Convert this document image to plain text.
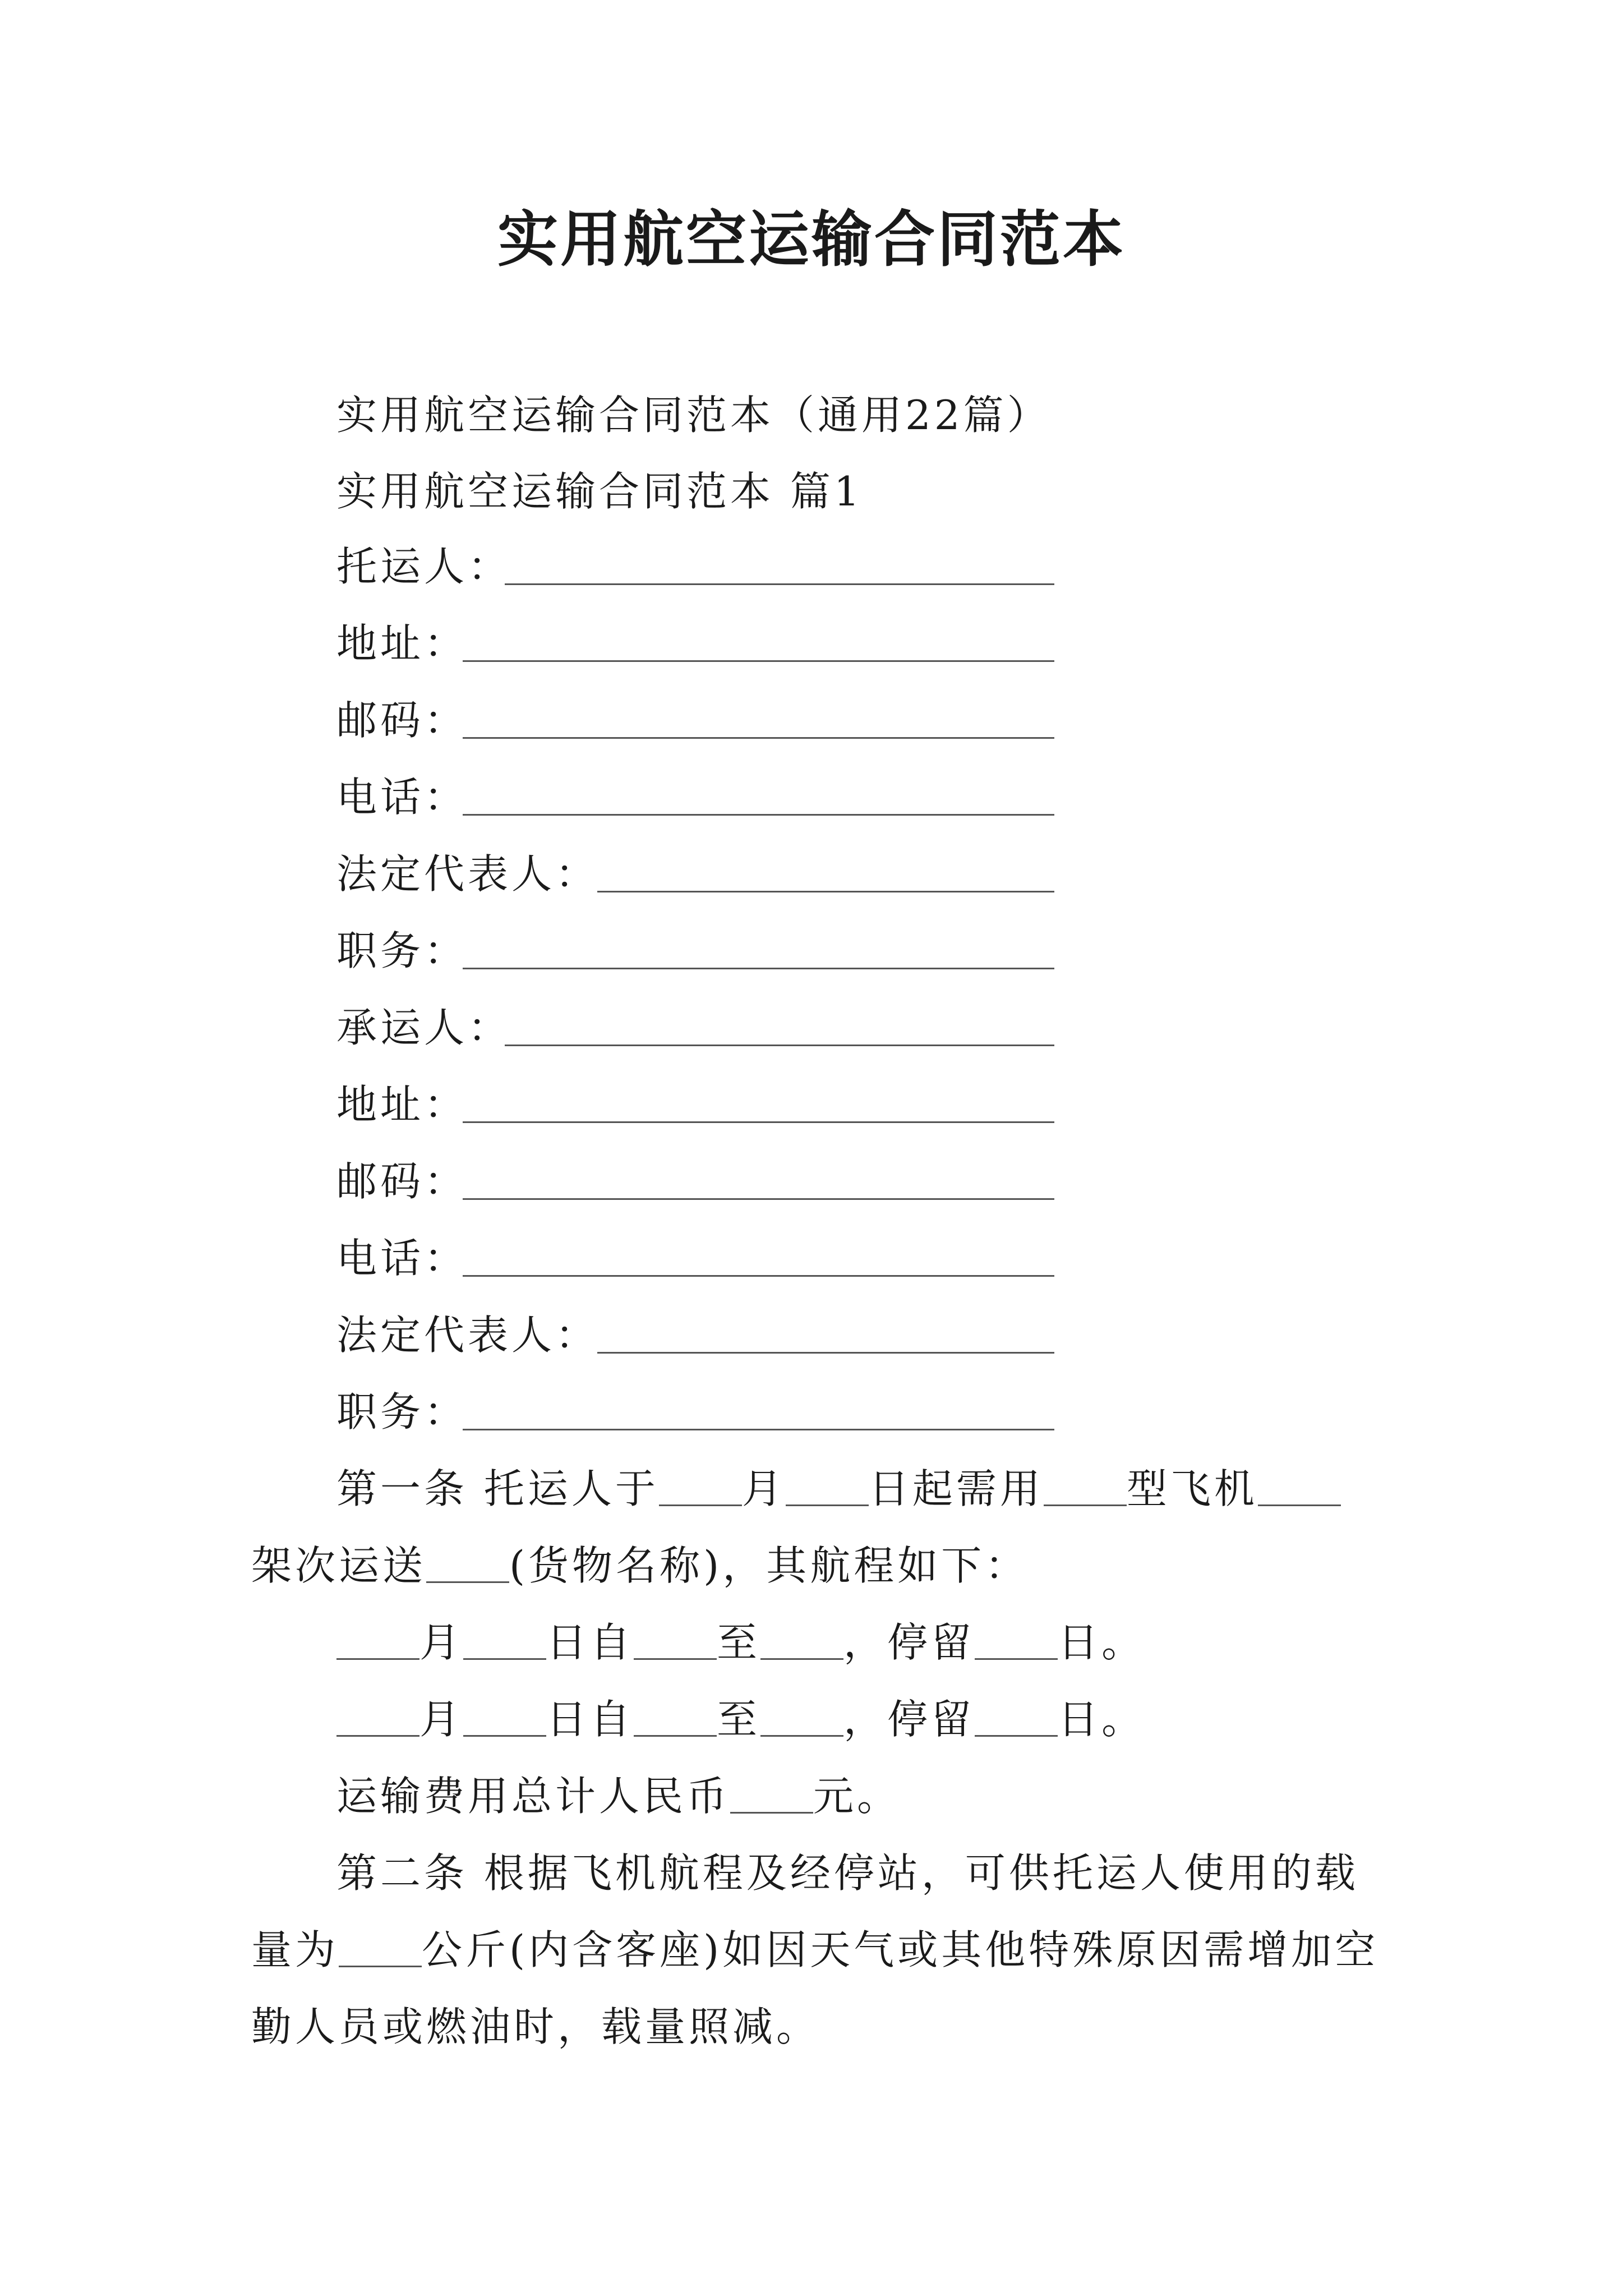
实用航空运输合同范本
实用航空运输合同范本（通用22篇）
实用航空运输合同范本 篇1
托运人：
地址：
邮码：
电话：
法定代表人：
职务：
承运人：
地址：
邮码：
电话：
法定代表人：
职务：
第一条 托运人于 月 日起需用 型飞机
架次运送 (货物名称)，其航程如下：
月 日自 至 ，停留 日。
月 日自 至 ，停留 日。
运输费用总计人民币 元。
第二条 根据飞机航程及经停站，可供托运人使用的载
量为 公斤(内含客座)如因天气或其他特殊原因需增加空
勤人员或燃油时，载量照减。
